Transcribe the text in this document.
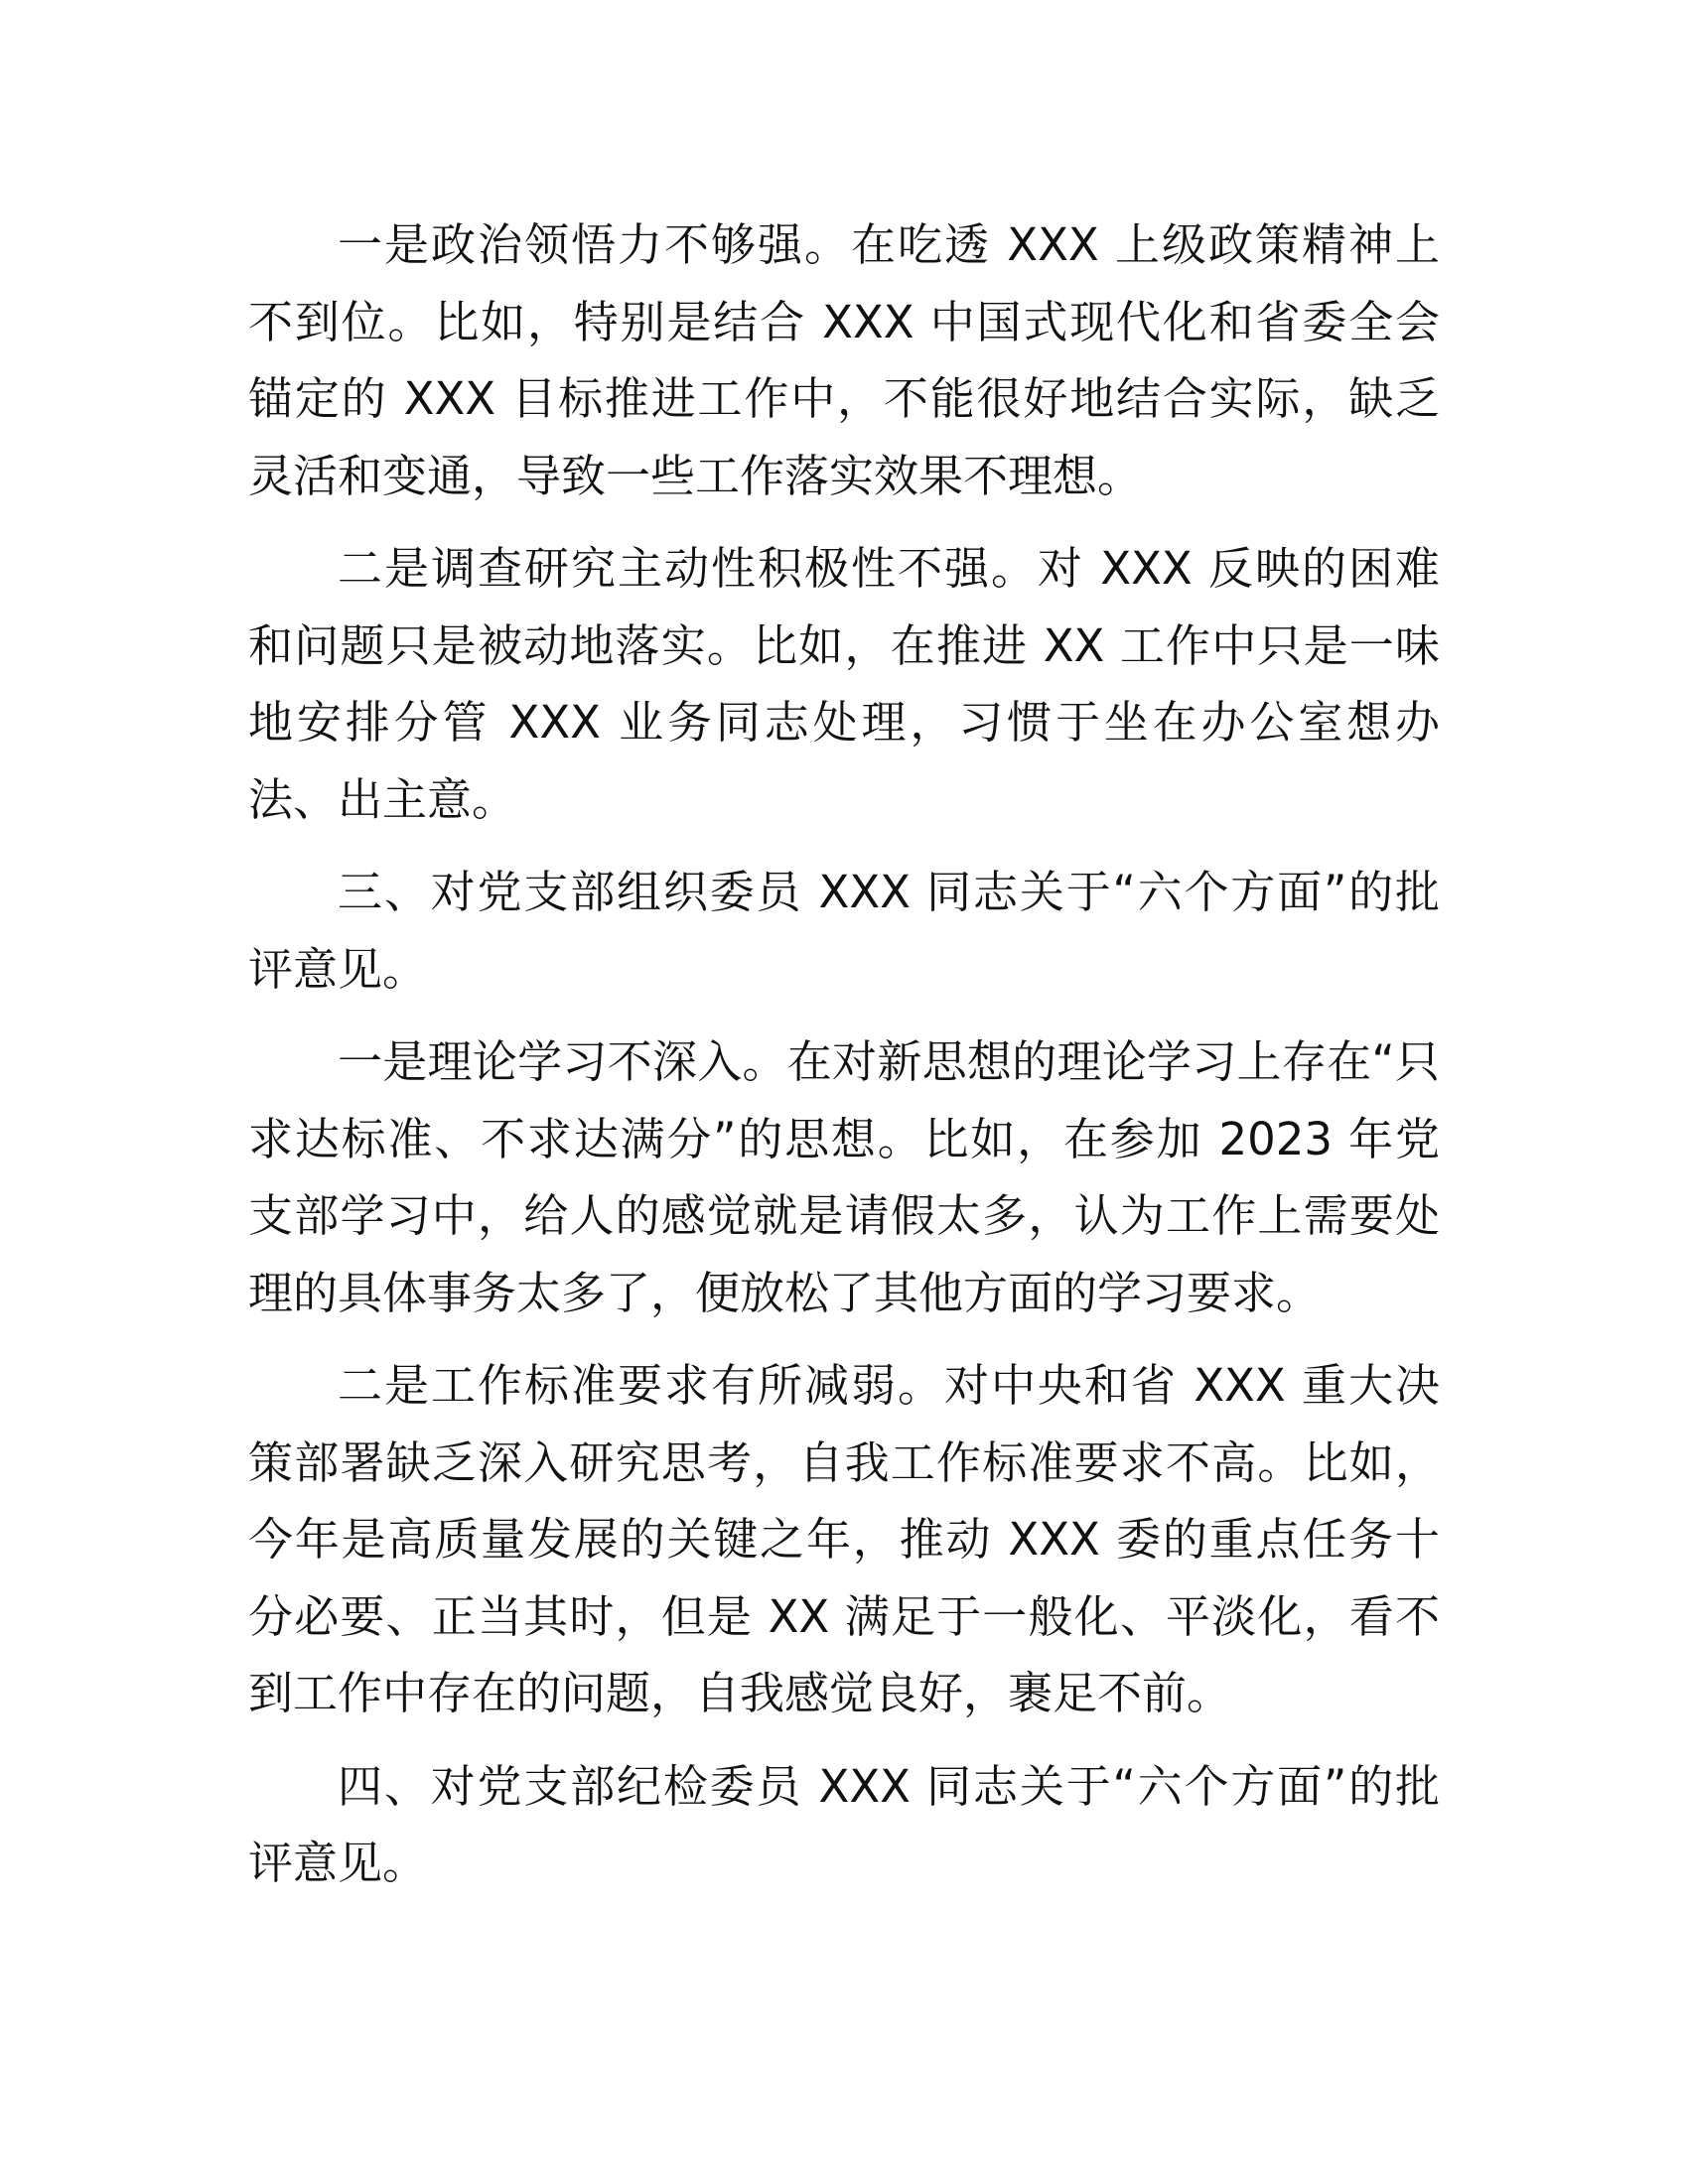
一是政治领悟力不够强。在吃透 XXX 上级政策精神上不到位。比如，特别是结合 XXX 中国式现代化和省委全会锚定的 XXX 目标推进工作中，不能很好地结合实际，缺乏灵活和变通，导致一些工作落实效果不理想。

二是调查研究主动性积极性不强。对 XXX 反映的困难和问题只是被动地落实。比如，在推进 XX 工作中只是一味地安排分管 XXX 业务同志处理，习惯于坐在办公室想办法、出主意。

三、对党支部组织委员 XXX 同志关于“六个方面”的批评意见。

一是理论学习不深入。在对新思想的理论学习上存在“只求达标准、不求达满分”的思想。比如，在参加 2023 年党支部学习中，给人的感觉就是请假太多，认为工作上需要处理的具体事务太多了，便放松了其他方面的学习要求。

二是工作标准要求有所减弱。对中央和省 XXX 重大决策部署缺乏深入研究思考，自我工作标准要求不高。比如，今年是高质量发展的关键之年，推动 XXX 委的重点任务十分必要、正当其时，但是 XX 满足于一般化、平淡化，看不到工作中存在的问题，自我感觉良好，裹足不前。

四、对党支部纪检委员 XXX 同志关于“六个方面”的批评意见。
